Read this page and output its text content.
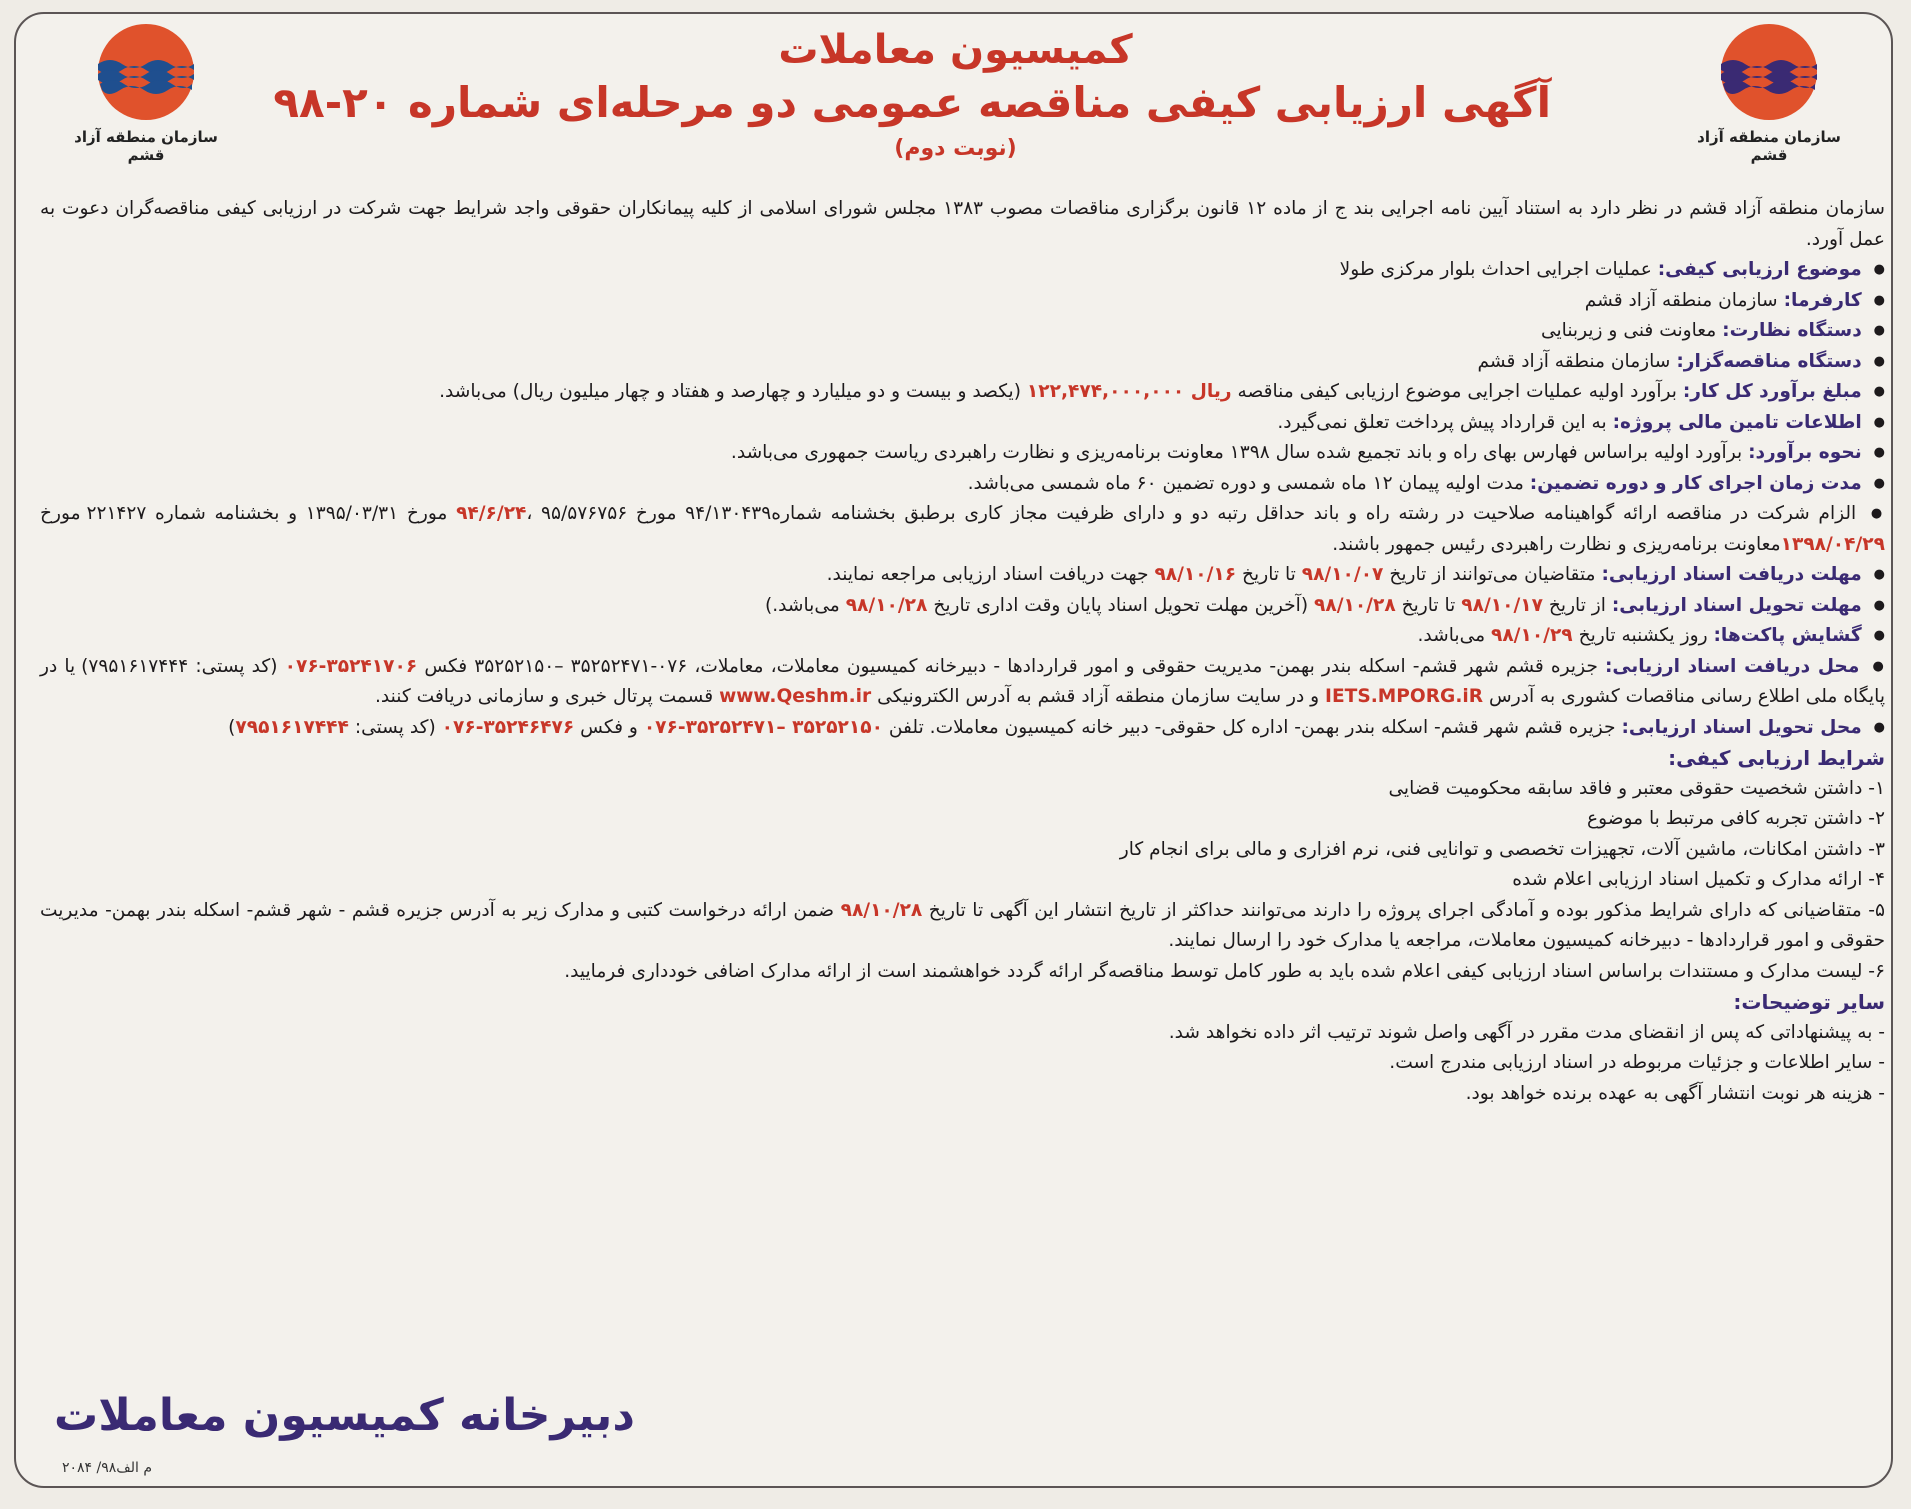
سازمان منطقه آزاد قشم
سازمان منطقه آزاد قشم
کمیسیون معاملات
آگهی ارزیابی کیفی مناقصه عمومی دو مرحله‌ای شماره ۲۰-۹۸
(نوبت دوم)

سازمان منطقه آزاد قشم در نظر دارد به استناد آیین نامه اجرایی بند ج از ماده ۱۲ قانون برگزاری مناقصات مصوب ۱۳۸۳ مجلس شورای اسلامی از کلیه پیمانکاران حقوقی واجد شرایط جهت شرکت در ارزیابی کیفی مناقصه‌گران دعوت به عمل آورد.

● موضوع ارزیابی کیفی: عملیات اجرایی احداث بلوار مرکزی طولا
● کارفرما: سازمان منطقه آزاد قشم
● دستگاه نظارت: معاونت فنی و زیربنایی
● دستگاه مناقصه‌گزار: سازمان منطقه آزاد قشم
● مبلغ برآورد کل کار: برآورد اولیه عملیات اجرایی موضوع ارزیابی کیفی مناقصه ۱۲۲,۴۷۴,۰۰۰,۰۰۰ ریال (یکصد و بیست و دو میلیارد و چهارصد و هفتاد و چهار میلیون ریال) می‌باشد.
● اطلاعات تامین مالی پروژه: به این قرارداد پیش پرداخت تعلق نمی‌گیرد.
● نحوه برآورد: برآورد اولیه براساس فهارس بهای راه و باند تجمیع شده سال ۱۳۹۸ معاونت برنامه‌ریزی و نظارت راهبردی ریاست جمهوری می‌باشد.
● مدت زمان اجرای کار و دوره تضمین: مدت اولیه پیمان ۱۲ ماه شمسی و دوره تضمین ۶۰ ماه شمسی می‌باشد.
● الزام شرکت در مناقصه ارائه گواهینامه صلاحیت در رشته راه و باند حداقل رتبه دو و دارای ظرفیت مجاز کاری برطبق بخشنامه شماره۹۴/۱۳۰۴۳۹ مورخ ۹۴/۶/۲۴، ۹۵/۵۷۶۷۵۶ مورخ ۱۳۹۵/۰۳/۳۱ و بخشنامه شماره ۲۲۱۴۲۷ مورخ ۱۳۹۸/۰۴/۲۹معاونت برنامه‌ریزی و نظارت راهبردی رئیس جمهور باشند.
● مهلت دریافت اسناد ارزیابی: متقاضیان می‌توانند از تاریخ ۹۸/۱۰/۰۷ تا تاریخ ۹۸/۱۰/۱۶ جهت دریافت اسناد ارزیابی مراجعه نمایند.
● مهلت تحویل اسناد ارزیابی: از تاریخ ۹۸/۱۰/۱۷ تا تاریخ ۹۸/۱۰/۲۸ (آخرین مهلت تحویل اسناد پایان وقت اداری تاریخ ۹۸/۱۰/۲۸ می‌باشد.)
● گشایش پاکت‌ها: روز یکشنبه تاریخ ۹۸/۱۰/۲۹ می‌باشد.
● محل دریافت اسناد ارزیابی: جزیره قشم شهر قشم- اسکله بندر بهمن- مدیریت حقوقی و امور قراردادها - دبیرخانه کمیسیون معاملات، معاملات، ۰۷۶-۳۵۲۵۲۴۷۱ –۳۵۲۵۲۱۵۰ فکس ۰۷۶-۳۵۲۴۱۷۰۶ (کد پستی: ۷۹۵۱۶۱۷۴۴۴) یا در پایگاه ملی اطلاع رسانی مناقصات کشوری به آدرس IETS.MPORG.iR و در سایت سازمان منطقه آزاد قشم به آدرس الکترونیکی www.Qeshm.ir قسمت پرتال خبری و سازمانی دریافت کنند.
● محل تحویل اسناد ارزیابی: جزیره قشم شهر قشم- اسکله بندر بهمن- اداره کل حقوقی- دبیر خانه کمیسیون معاملات. تلفن ۰۷۶-۳۵۲۵۲۴۷۱– ۳۵۲۵۲۱۵۰ و فکس ۰۷۶-۳۵۲۴۶۴۷۶ (کد پستی: ۷۹۵۱۶۱۷۴۴۴)
شرایط ارزیابی کیفی:

۱- داشتن شخصیت حقوقی معتبر و فاقد سابقه محکومیت قضایی

۲- داشتن تجربه کافی مرتبط با موضوع

۳- داشتن امکانات، ماشین آلات، تجهیزات تخصصی و توانایی فنی، نرم افزاری و مالی برای انجام کار

۴- ارائه مدارک و تکمیل اسناد ارزیابی اعلام شده

۵- متقاضیانی که دارای شرایط مذکور بوده و آمادگی اجرای پروژه را دارند می‌توانند حداکثر از تاریخ انتشار این آگهی تا تاریخ ۹۸/۱۰/۲۸ ضمن ارائه درخواست کتبی و مدارک زیر به آدرس جزیره قشم - شهر قشم- اسکله بندر بهمن- مدیریت حقوقی و امور قراردادها - دبیرخانه کمیسیون معاملات، مراجعه یا مدارک خود را ارسال نمایند.

۶- لیست مدارک و مستندات براساس اسناد ارزیابی کیفی اعلام شده باید به طور کامل توسط مناقصه‌گر ارائه گردد خواهشمند است از ارائه مدارک اضافی خودداری فرمایید.

سایر توضیحات:

- به پیشنهاداتی که پس از انقضای مدت مقرر در آگهی واصل شوند ترتیب اثر داده نخواهد شد.

- سایر اطلاعات و جزئیات مربوطه در اسناد ارزیابی مندرج است.

- هزینه هر نوبت انتشار آگهی به عهده برنده خواهد بود.

دبیرخانه کمیسیون معاملات
م الف۹۸/ ۲۰۸۴
